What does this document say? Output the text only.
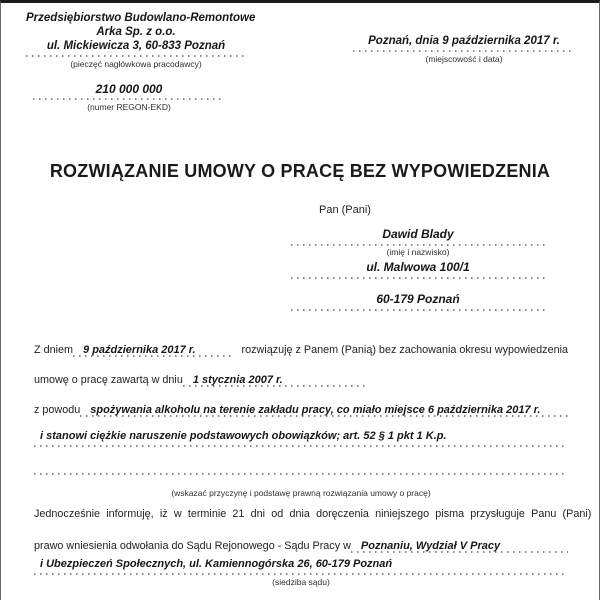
Przedsiębiorstwo Budowlano-Remontowe
Arka Sp. z o.o.
ul. Mickiewicza 3, 60-833 Poznań
(pieczęć nagłówkowa pracodawcy)
Poznań, dnia 9 października 2017 r.
(miejscowość i data)
210 000 000
(numer REGON-EKD)
ROZWIĄZANIE UMOWY O PRACĘ BEZ WYPOWIEDZENIA
Pan (Pani)
Dawid Blady
(imię i nazwisko)
ul. Malwowa 100/1
60-179 Poznań
Z dniem 9 października 2017 r.	rozwiązuję z Panem (Panią) bez zachowania okresu wypowiedzenia
umowę o pracę zawartą w dniu 1 stycznia 2007 r.
z powodu spożywania alkoholu na terenie zakładu pracy, co miało miejsce 6 października 2017 r.
i stanowi ciężkie naruszenie podstawowych obowiązków; art. 52 § 1 pkt 1 K.p.
(wskazać przyczynę i podstawę prawną rozwiązania umowy o pracę)
Jednocześnie informuję, iż w terminie 21 dni od dnia doręczenia niniejszego pisma przysługuje Panu (Pani)
prawo wniesienia odwołania do Sądu Rejonowego - Sądu Pracy w Poznaniu, Wydział V Pracy
i Ubezpieczeń Społecznych, ul. Kamiennogórska 26, 60-179 Poznań
(siedziba sądu)
